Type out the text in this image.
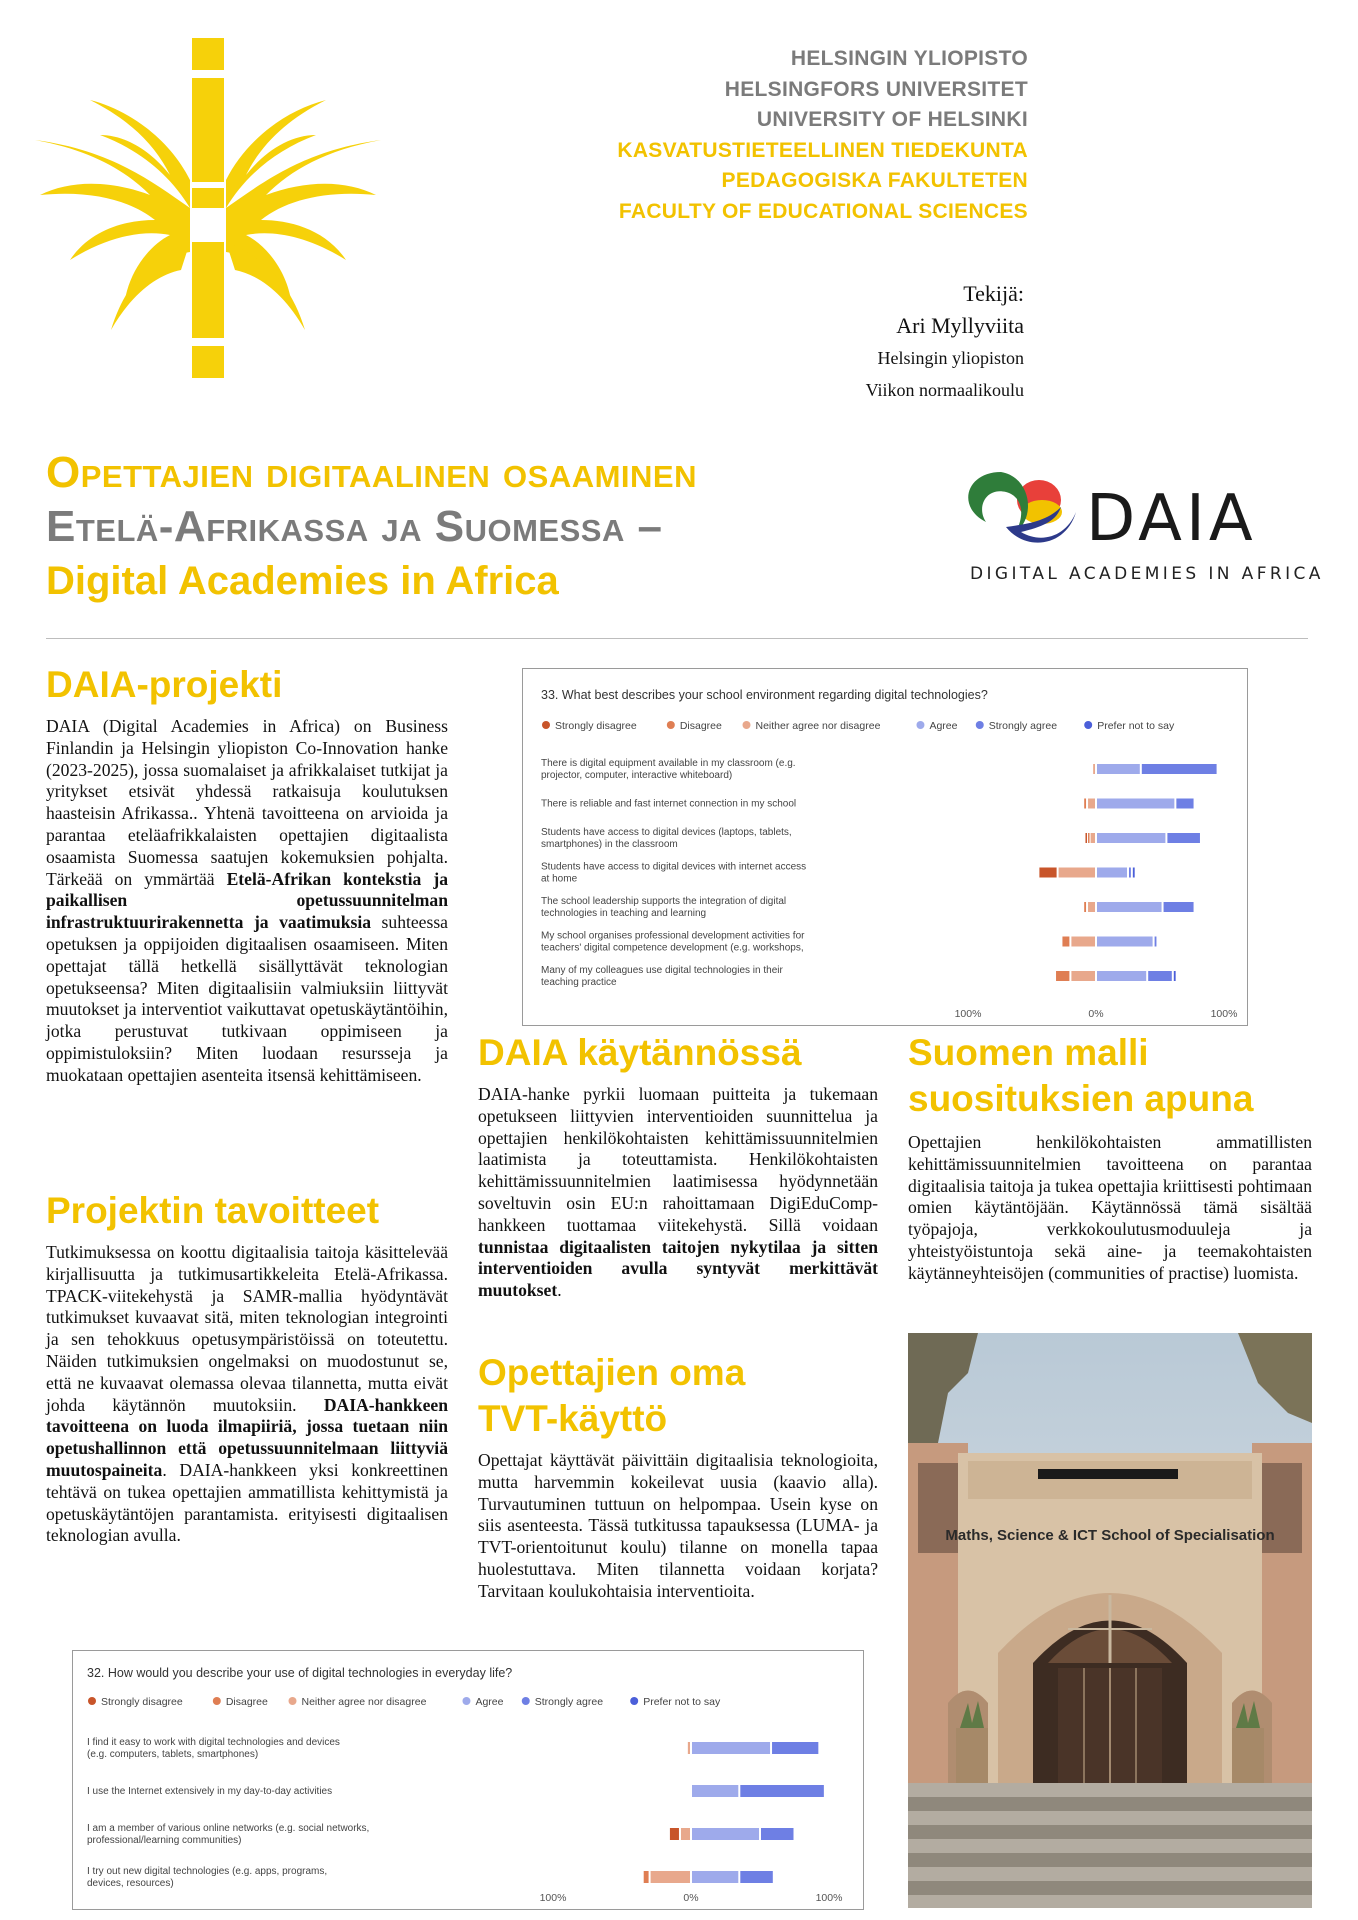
HELSINGIN YLIOPISTO
HELSINGFORS UNIVERSITET
UNIVERSITY OF HELSINKI
KASVATUSTIETEELLINEN TIEDEKUNTA
PEDAGOGISKA FAKULTETEN
FACULTY OF EDUCATIONAL SCIENCES
Tekijä:
Ari Myllyviita
Helsingin yliopiston
Viikon normaalikoulu
Opettajien digitaalinen osaaminen
Etelä-Afrikassa ja Suomessa –
Digital Academies in Africa
DAIA
DIGITAL ACADEMIES IN AFRICA
DAIA-projekti

DAIA (Digital Academies in Africa) on Business Finlandin ja Helsingin yliopiston Co-Innovation hanke (2023-2025), jossa suomalaiset ja afrikkalaiset tutkijat ja yritykset etsivät yhdessä ratkaisuja koulutuksen haasteisin Afrikassa.. Yhtenä tavoitteena on arvioida ja parantaa eteläafrikkalaisten opettajien digitaalista osaamista Suomessa saatujen kokemuksien pohjalta. Tärkeää on ymmärtää Etelä-Afrikan kontekstia ja paikallisen opetussuunnitelman infrastruktuurirakennetta ja vaatimuksia suhteessa opetuksen ja oppijoiden digitaalisen osaamiseen. Miten opettajat tällä hetkellä sisällyttävät teknologian opetukseensa? Miten digitaalisiin valmiuksiin liittyvät muutokset ja interventiot vaikuttavat opetuskäytäntöihin, jotka perustuvat tutkivaan oppimiseen ja oppimistuloksiin? Miten luodaan resursseja ja muokataan opettajien asenteita itsensä kehittämiseen.

Projektin tavoitteet

Tutkimuksessa on koottu digitaalisia taitoja käsittelevää kirjallisuutta ja tutkimusartikkeleita Etelä-Afrikassa. TPACK-viitekehystä ja SAMR-mallia hyödyntävät tutkimukset kuvaavat sitä, miten teknologian integrointi ja sen tehokkuus opetusympäristöissä on toteutettu. Näiden tutkimuksien ongelmaksi on muodostunut se, että ne kuvaavat olemassa olevaa tilannetta, mutta eivät johda käytännön muutoksiin. DAIA-hankkeen tavoitteena on luoda ilmapiiriä, jossa tuetaan niin opetushallinnon että opetussuunnitelmaan liittyviä muutospaineita. DAIA-hankkeen yksi konkreettinen tehtävä on tukea opettajien ammatillista kehittymistä ja opetuskäytäntöjen parantamista. erityisesti digitaalisen teknologian avulla.

33. What best describes your school environment regarding digital technologies?
Strongly disagree	Disagree	Neither agree nor disagree	Agree	Strongly agree	Prefer not to say
There is digital equipment available in my classroom (e.g.
projector, computer, interactive whiteboard)
There is reliable and fast internet connection in my school
Students have access to digital devices (laptops, tablets,
smartphones) in the classroom
Students have access to digital devices with internet access
at home
The school leadership supports the integration of digital
technologies in teaching and learning
My school organises professional development activities for
teachers' digital competence development (e.g. workshops,
Many of my colleagues use digital technologies in their
teaching practice
100%	0%	100%
DAIA käytännössä

DAIA-hanke pyrkii luomaan puitteita ja tukemaan opetukseen liittyvien interventioiden suunnittelua ja opettajien henkilökohtaisten kehittämissuunnitelmien laatimista ja toteuttamista. Henkilökohtaisten kehittämissuunnitelmien laatimisessa hyödynnetään soveltuvin osin EU:n rahoittamaan DigiEduComp-hankkeen tuottamaa viitekehystä. Sillä voidaan tunnistaa digitaalisten taitojen nykytilaa ja sitten interventioiden avulla syntyvät merkittävät muutokset.

Opettajien oma
TVT-käyttö

Opettajat käyttävät päivittäin digitaalisia teknologioita, mutta harvemmin kokeilevat uusia (kaavio alla). Turvautuminen tuttuun on helpompaa. Usein kyse on siis asenteesta. Tässä tutkitussa tapauksessa (LUMA- ja TVT-orientoitunut koulu) tilanne on monella tapaa huolestuttava. Miten tilannetta voidaan korjata? Tarvitaan koulukohtaisia interventioita.

Suomen malli
suosituksien apuna

Opettajien henkilökohtaisten ammatillisten kehittämissuunnitelmien tavoitteena on parantaa digitaalisia taitoja ja tukea opettajia kriittisesti pohtimaan omien käytäntöjään. Käytännössä tämä sisältää työpajoja, verkkokoulutusmoduuleja ja yhteistyöistuntoja sekä aine- ja teemakohtaisten käytänneyhteisöjen (communities of practise) luomista.

Maths, Science & ICT School of Specialisation
32. How would you describe your use of digital technologies in everyday life?
Strongly disagree	Disagree	Neither agree nor disagree	Agree	Strongly agree	Prefer not to say
I find it easy to work with digital technologies and devices
(e.g. computers, tablets, smartphones)
I use the Internet extensively in my day-to-day activities
I am a member of various online networks (e.g. social networks,
professional/learning communities)
I try out new digital technologies (e.g. apps, programs,
devices, resources)
100%	0%	100%
